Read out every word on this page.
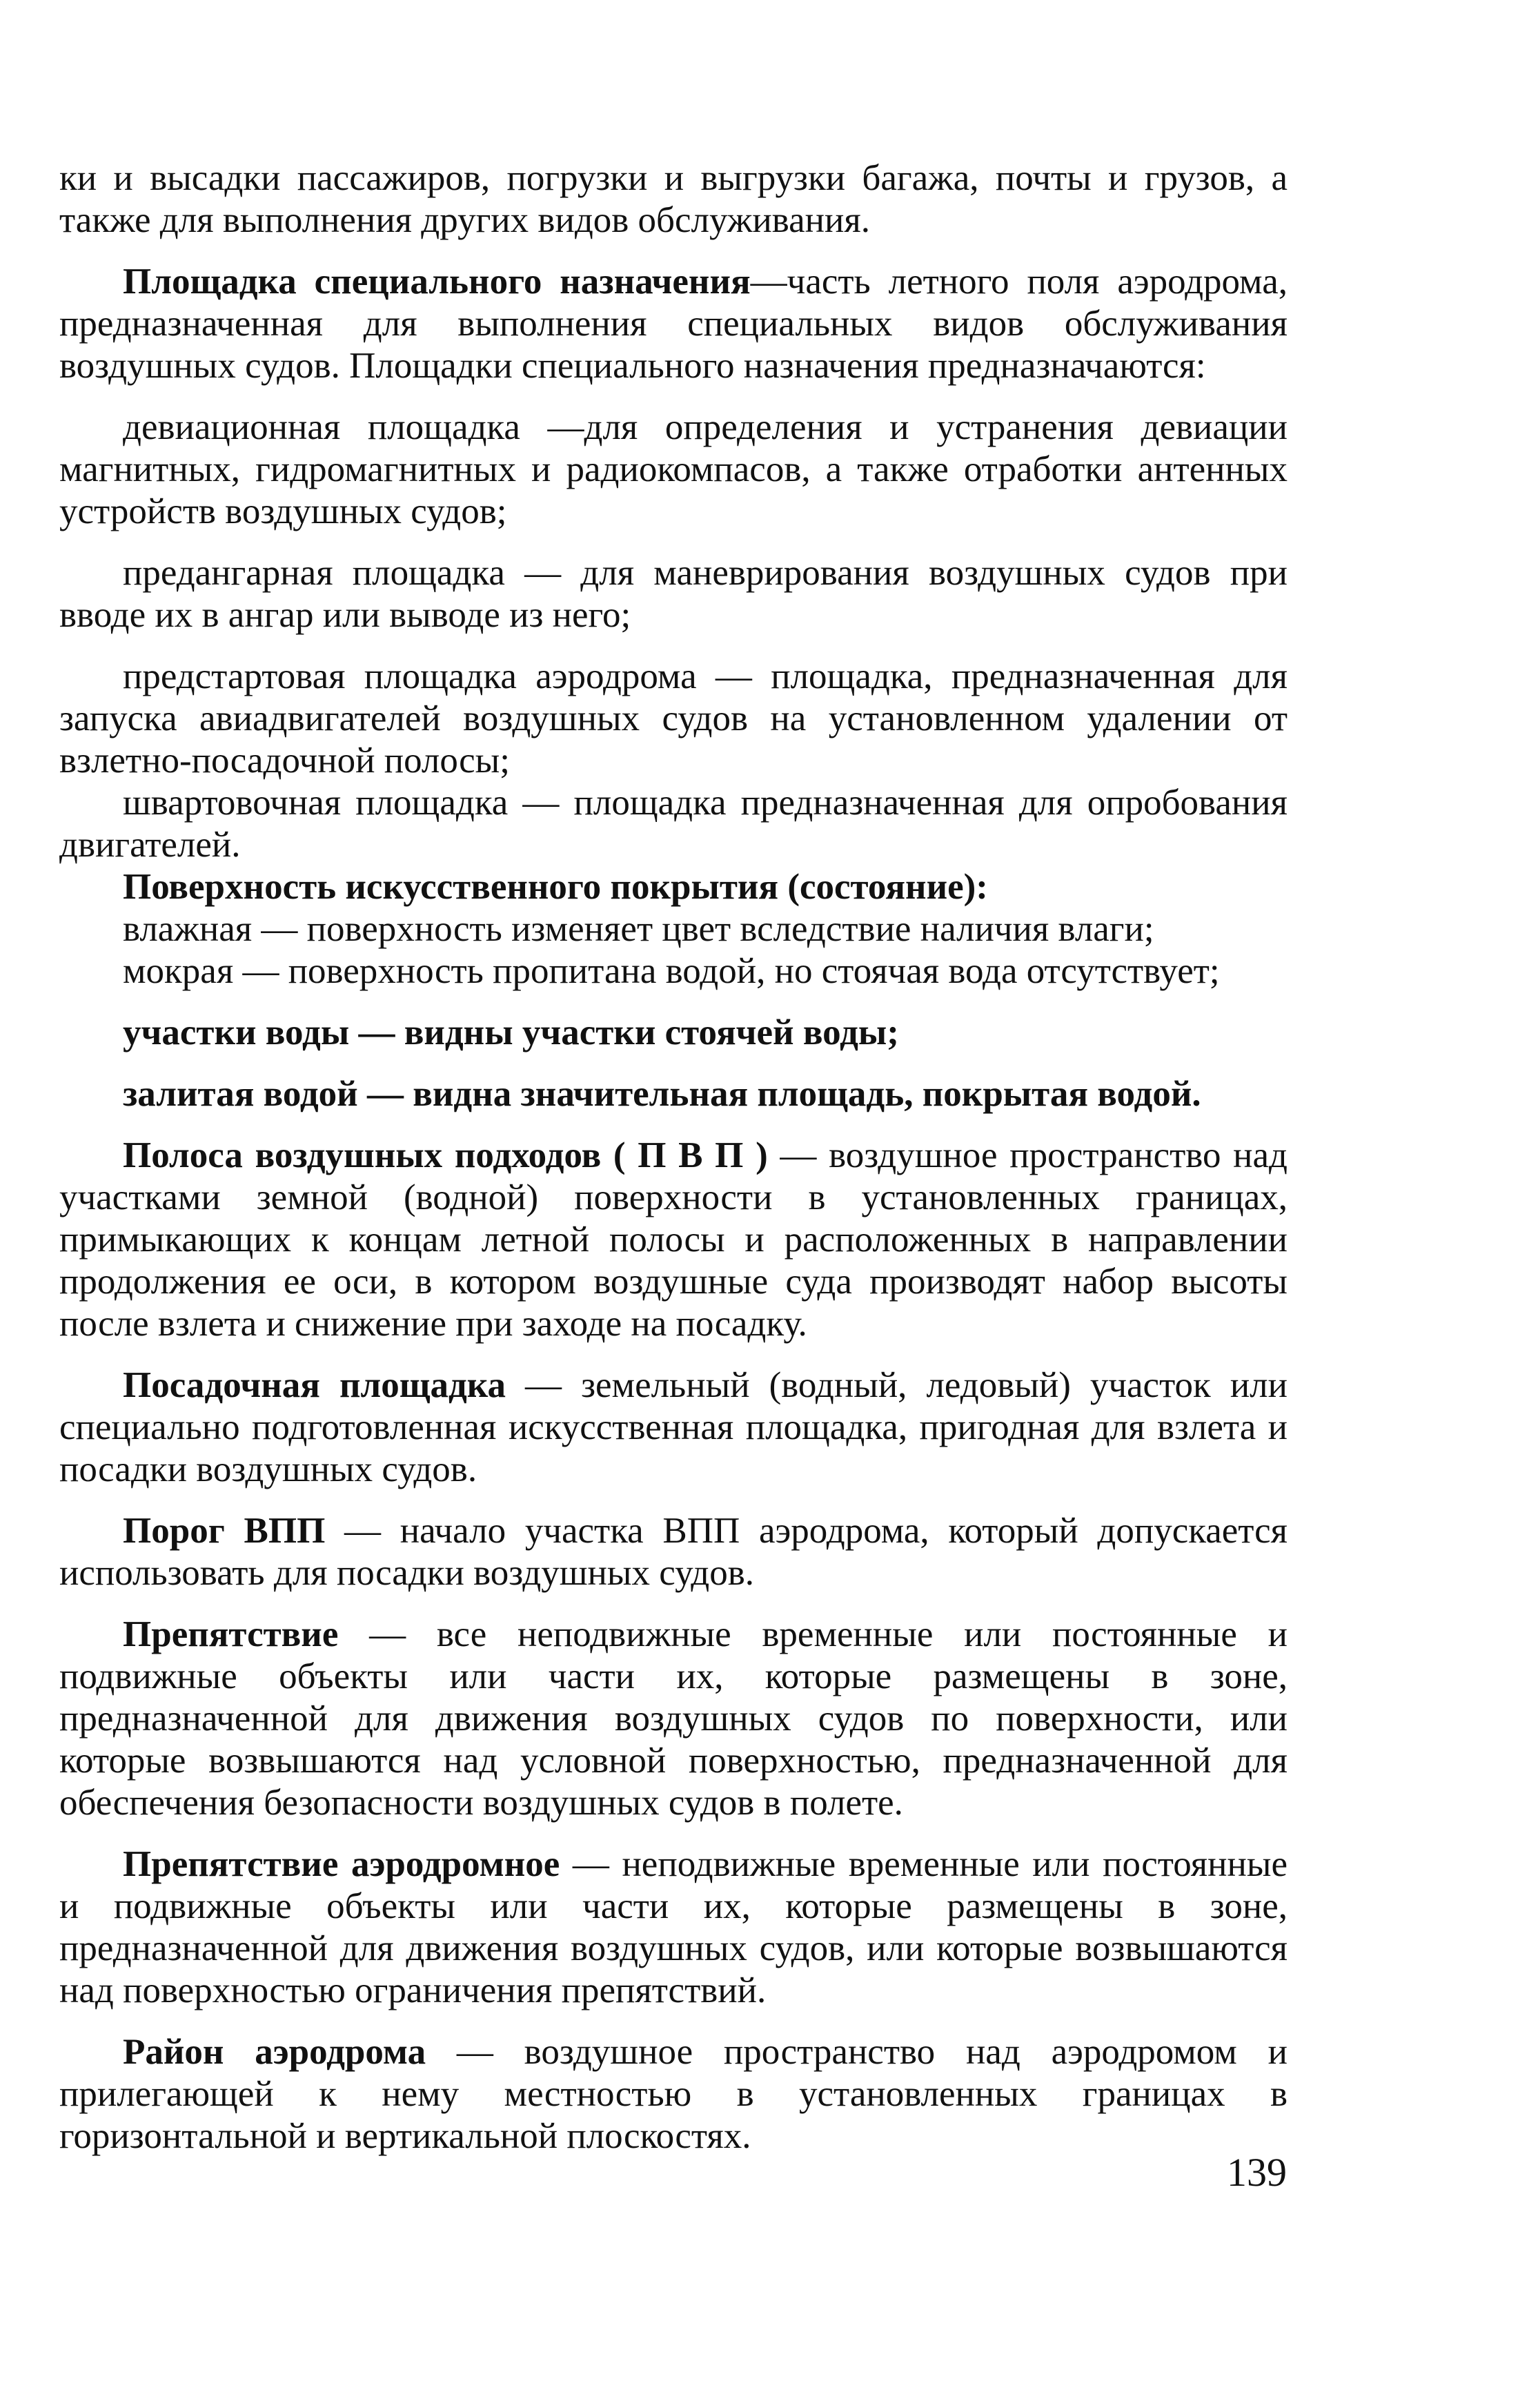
ки и высадки пассажиров, погрузки и выгрузки багажа, почты и грузов, а также для выполнения других видов обслуживания.

Площадка специального назначения—часть летного поля аэродрома, предназначенная для выполнения специальных видов обслуживания воздушных судов. Площадки специального назначения предназначаются:

девиационная площадка —для определения и устранения девиации магнитных, гидромагнитных и радиокомпасов, а также отработки антенных устройств воздушных судов;

предангарная площадка — для маневрирования воздушных судов при вводе их в ангар или выводе из него;

предстартовая площадка аэродрома — площадка, предназначенная для запуска авиадвигателей воздушных судов на установленном удалении от взлетно-посадочной полосы;

швартовочная площадка — площадка предназначенная для опробования двигателей.

Поверхность искусственного покрытия (состояние):

влажная — поверхность изменяет цвет вследствие наличия влаги;

мокрая — поверхность пропитана водой, но стоячая вода отсутствует;

участки воды — видны участки стоячей воды;

залитая водой — видна значительная площадь, покрытая водой.

Полоса воздушных подходов ( П В П ) — воздушное пространство над участками земной (водной) поверхности в установленных границах, примыкающих к концам летной полосы и расположенных в направлении продолжения ее оси, в котором воздушные суда производят набор высоты после взлета и снижение при заходе на посадку.

Посадочная площадка — земельный (водный, ледовый) участок или специально подготовленная искусственная площадка, пригодная для взлета и посадки воздушных судов.

Порог ВПП — начало участка ВПП аэродрома, который допускается использовать для посадки воздушных судов.

Препятствие — все неподвижные временные или постоянные и подвижные объекты или части их, которые размещены в зоне, предназначенной для движения воздушных судов по поверхности, или которые возвышаются над условной поверхностью, предназначенной для обеспечения безопасности воздушных судов в полете.

Препятствие аэродромное — неподвижные временные или постоянные и подвижные объекты или части их, которые размещены в зоне, предназначенной для движения воздушных судов, или которые возвышаются над поверхностью ограничения препятствий.

Район аэродрома — воздушное пространство над аэродромом и прилегающей к нему местностью в установленных границах в горизонтальной и вертикальной плоскостях.

139
